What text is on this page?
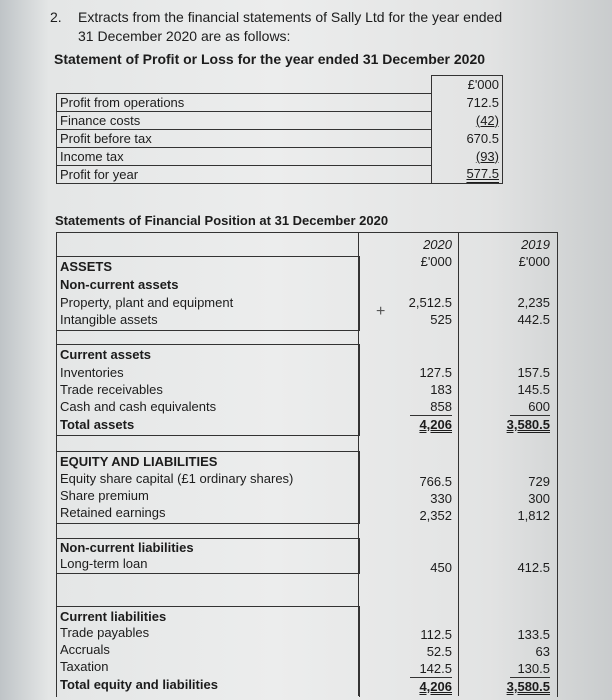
2. Extracts from the financial statements of Sally Ltd for the year ended
31 December 2020 are as follows:
Statement of Profit or Loss for the year ended 31 December 2020
	£'000
Profit from operations	712.5
Finance costs	(42)
Profit before tax	670.5
Income tax	(93)
Profit for year	577.5
Statements of Financial Position at 31 December 2020
2020	2019
£'000	£'000
ASSETS
Non-current assets
Property, plant and equipment	2,512.5	2,235
+
Intangible assets	525	442.5
Current assets
Inventories	127.5	157.5
Trade receivables	183	145.5
Cash and cash equivalents	858	600
Total assets	4,206	3,580.5
EQUITY AND LIABILITIES
Equity share capital (£1 ordinary shares)	766.5	729
Share premium	330	300
Retained earnings	2,352	1,812
Non-current liabilities
Long-term loan	450	412.5
Current liabilities
Trade payables	112.5	133.5
Accruals	52.5	63
Taxation	142.5	130.5
Total equity and liabilities	4,206	3,580.5
